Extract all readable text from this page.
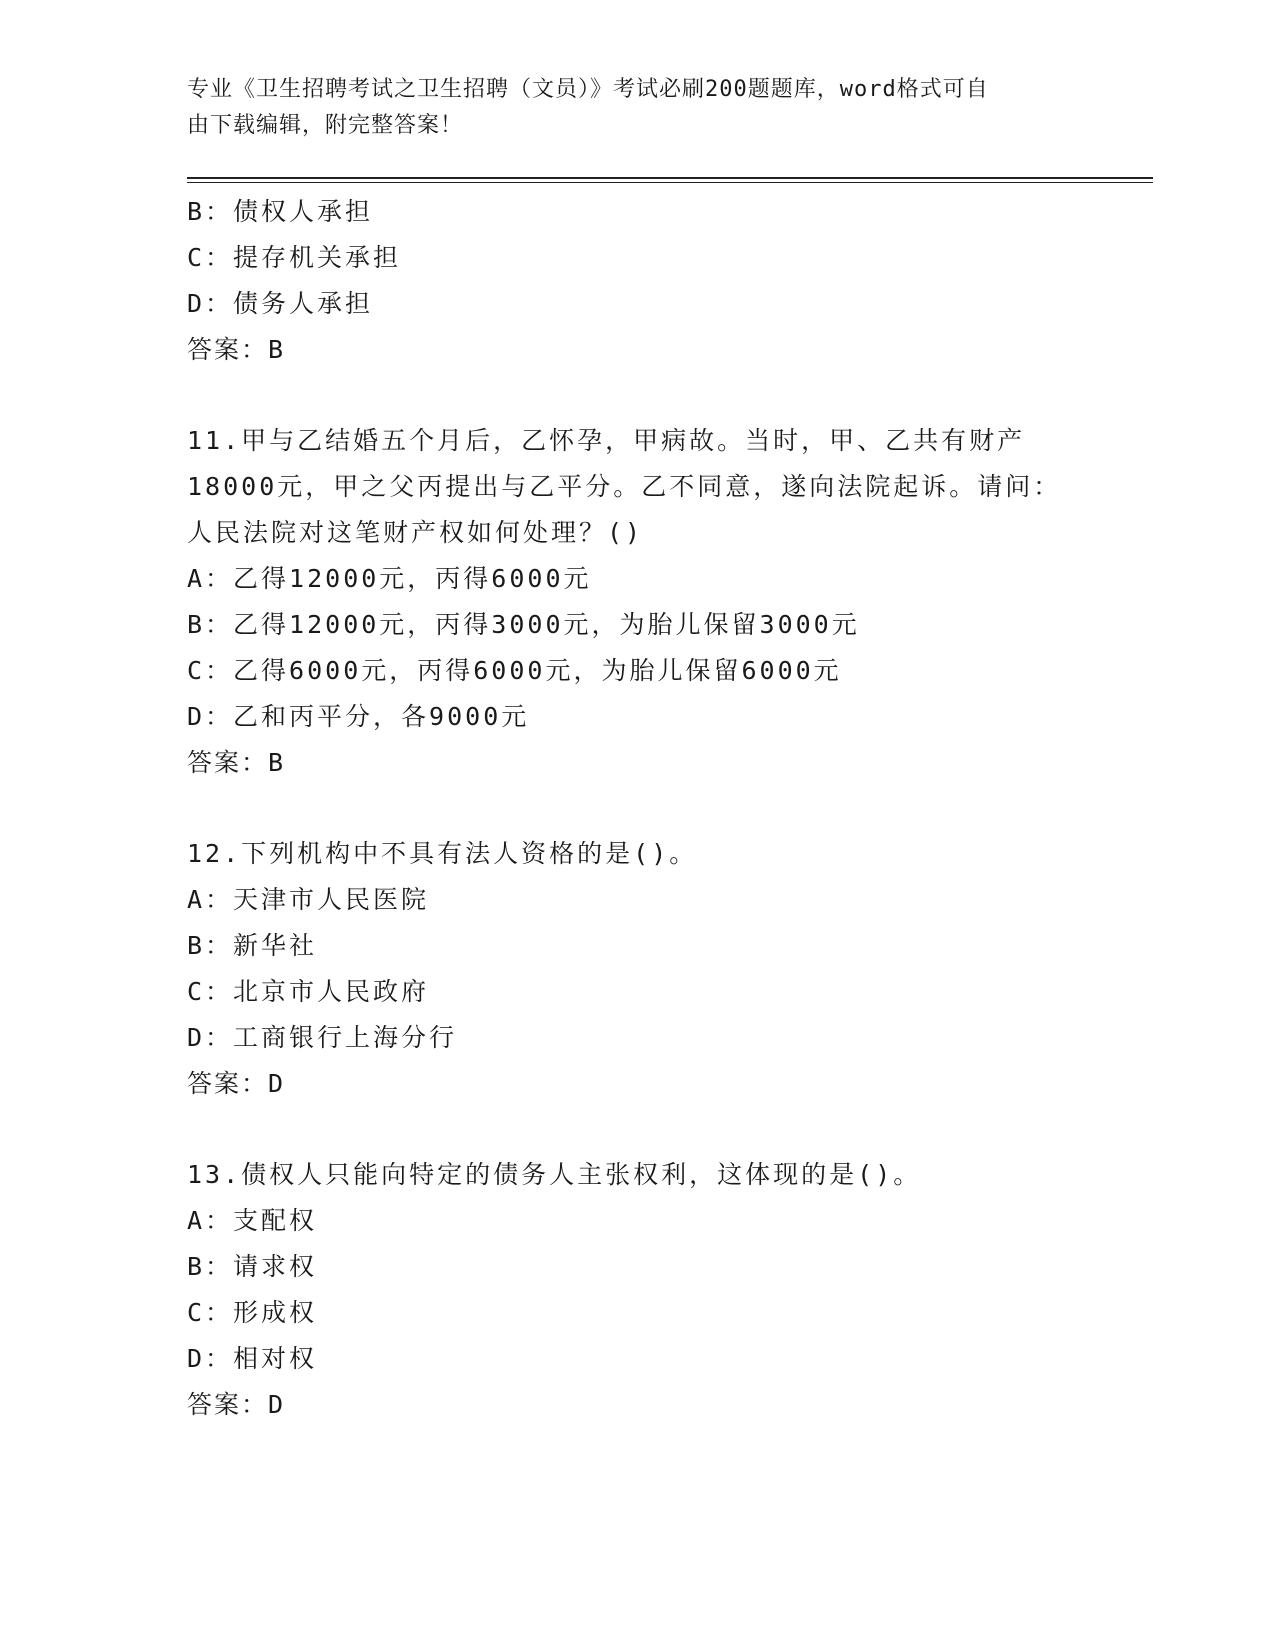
专业《卫生招聘考试之卫生招聘（文员）》考试必刷200题题库，word格式可自
由下载编辑，附完整答案！
B：债权人承担
C：提存机关承担
D：债务人承担
答案：B
11.甲与乙结婚五个月后，乙怀孕，甲病故。当时，甲、乙共有财产
18000元，甲之父丙提出与乙平分。乙不同意，遂向法院起诉。请问：
人民法院对这笔财产权如何处理？()
A：乙得12000元，丙得6000元
B：乙得12000元，丙得3000元，为胎儿保留3000元
C：乙得6000元，丙得6000元，为胎儿保留6000元
D：乙和丙平分，各9000元
答案：B
12.下列机构中不具有法人资格的是()。
A：天津市人民医院
B：新华社
C：北京市人民政府
D：工商银行上海分行
答案：D
13.债权人只能向特定的债务人主张权利，这体现的是()。
A：支配权
B：请求权
C：形成权
D：相对权
答案：D
